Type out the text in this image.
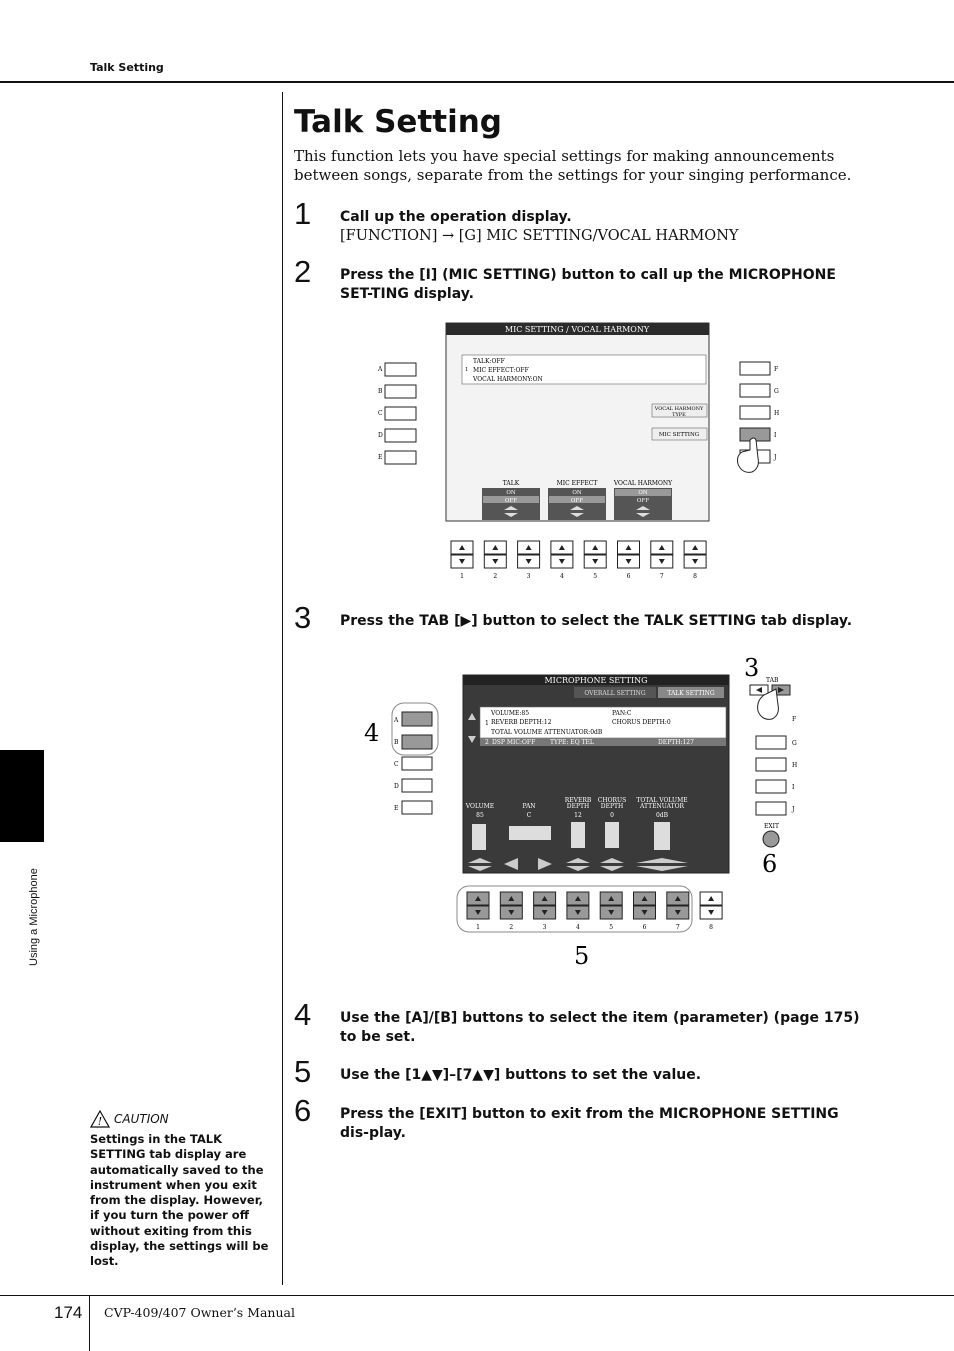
Talk Setting
Using a Microphone
Talk Setting
This function lets you have special settings for making announcements between songs, separate from the settings for your singing performance.
1 Call up the operation display.
[FUNCTION] → [G] MIC SETTING/VOCAL HARMONY
2 Press the [I] (MIC SETTING) button to call up the MICROPHONE SET-TING display.
MIC SETTING / VOCAL HARMONY
1
TALK:OFF
MIC EFFECT:OFF
VOCAL HARMONY:ON
VOCAL HARMONY
TYPE
MIC SETTING
TALK
ON
OFF
MIC EFFECT
ON
OFF
VOCAL HARMONY
ON
OFF
A
B
C
D
E
F
G
H
I
J
1	2	3	4	5	6	7	8
3 Press the TAB [▶] button to select the TALK SETTING tab display.
MICROPHONE SETTING
OVERALL SETTING	TALK SETTING
1
VOLUME:85	PAN:C
REVERB DEPTH:12	CHORUS DEPTH:0
TOTAL VOLUME ATTENUATOR:0dB
2 DSP MIC:OFF TYPE: EQ TEL	DEPTH:127
VOLUME
85
PAN
C
REVERB
DEPTH
12
CHORUS
DEPTH
0
TOTAL VOLUME
ATTENUATOR
0dB
A
B
C
D
E
4
3 TAB
F
G
H
I
J
EXIT
6
1	2	3	4	5	6	7	8
5
4 Use the [A]/[B] buttons to select the item (parameter) (page 175) to be set.
5 Use the [1▲▼]–[7▲▼] buttons to set the value.
6 Press the [EXIT] button to exit from the MICROPHONE SETTING dis-play.
! CAUTION
Settings in the TALK SETTING tab display are automatically saved to the instrument when you exit from the display. However, if you turn the power off without exiting from this display, the settings will be lost.
174 CVP-409/407 Owner’s Manual
